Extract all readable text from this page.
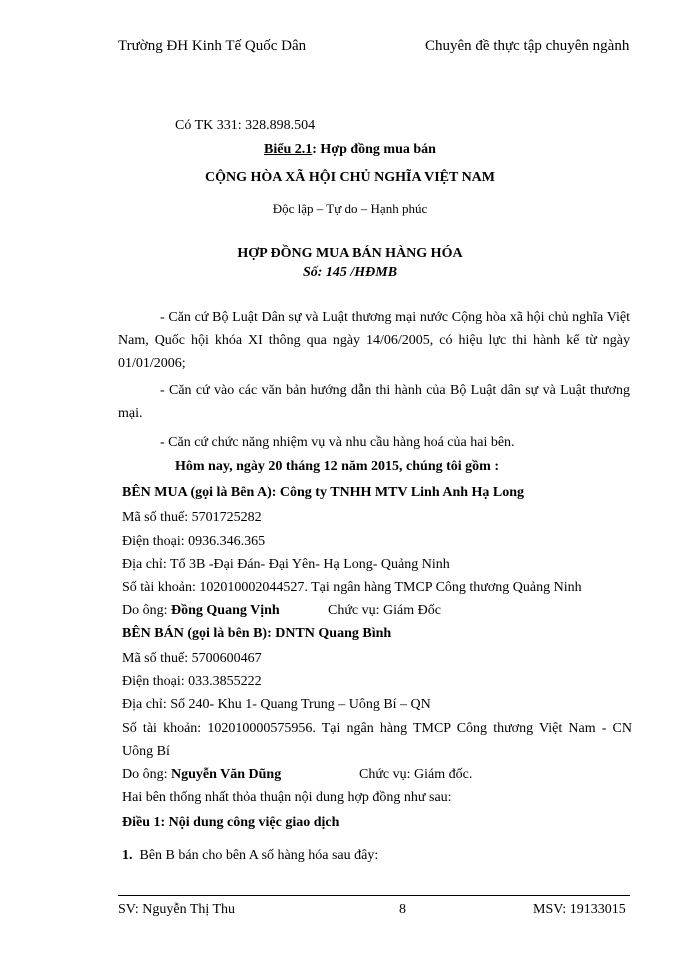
Trường ĐH Kinh Tế Quốc Dân	Chuyên đề thực tập chuyên ngành
Có TK 331: 328.898.504
Biểu 2.1: Hợp đồng mua bán
CỘNG HÒA XÃ HỘI CHỦ NGHĨA VIỆT NAM
Độc lập – Tự do – Hạnh phúc
HỢP ĐỒNG MUA BÁN HÀNG HÓA
Số: 145 /HĐMB
- Căn cứ Bộ Luật Dân sự và Luật thương mại nước Cộng hòa xã hội chủ nghĩa Việt Nam, Quốc hội khóa XI thông qua ngày 14/06/2005, có hiệu lực thi hành kể từ ngày 01/01/2006;
- Căn cứ vào các văn bản hướng dẫn thi hành của Bộ Luật dân sự và Luật thương mại.
- Căn cứ chức năng nhiệm vụ và nhu cầu hàng hoá của hai bên.
Hôm nay, ngày 20 tháng 12 năm 2015, chúng tôi gồm :
BÊN MUA (gọi là Bên A): Công ty TNHH MTV Linh Anh Hạ Long
Mã số thuế: 5701725282
Điện thoại: 0936.346.365
Địa chỉ: Tổ 3B -Đại Đán- Đại Yên- Hạ Long- Quảng Ninh
Số tài khoản: 102010002044527. Tại ngân hàng TMCP Công thương Quảng Ninh
Do ông: Đồng Quang Vịnh	Chức vụ: Giám Đốc
BÊN BÁN (gọi là bên B): DNTN Quang Bình
Mã số thuế: 5700600467
Điện thoại: 033.3855222
Địa chỉ: Số 240- Khu 1- Quang Trung – Uông Bí – QN
Số tài khoản: 102010000575956. Tại ngân hàng TMCP Công thương Việt Nam - CN Uông Bí
Do ông: Nguyễn Văn Dũng	Chức vụ: Giám đốc.
Hai bên thống nhất thỏa thuận nội dung hợp đồng như sau:
Điều 1: Nội dung công việc giao dịch
1. Bên B bán cho bên A số hàng hóa sau đây:
SV: Nguyễn Thị Thu	8	MSV: 19133015
